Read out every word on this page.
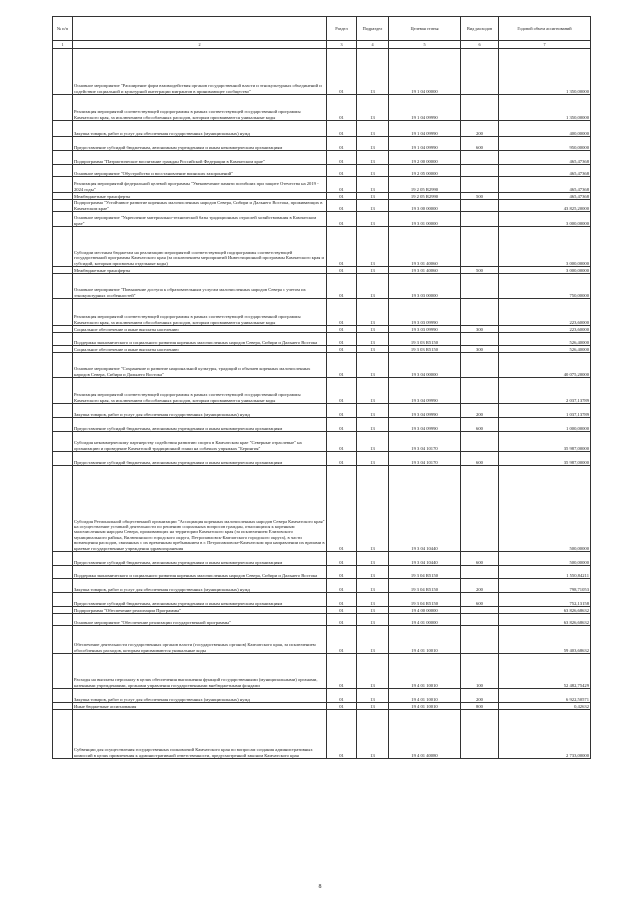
№ п/п		Раздел	Подраздел	Целевая статья	Вид расходов	Годовой объем ассигнований
1	2	3	4	5	6	7
	Основное мероприятие "Расширение форм взаимодействия органов государственной власти и этнокультурных объединений и содействие социальной и культурной интеграции мигрантов в принимающее сообщество"	01	13	19 1 04 00000		1 350,00000
	Реализация мероприятий соответствующей подпрограммы в рамках соответствующей государственной программы Камчатского края, за исключением обособленных расходов, которым присваиваются уникальные коды	01	13	19 1 04 09990		1 350,00000
	Закупка товаров, работ и услуг для обеспечения государственных (муниципальных) нужд	01	13	19 1 04 09990	200	400,00000
	Предоставление субсидий бюджетным, автономным учреждениям и иным некоммерческим организациям	01	13	19 1 04 09990	600	950,00000
	Подпрограмма "Патриотическое воспитание граждан Российской Федерации в Камчатском крае"	01	13	19 2 00 00000		465,47368
	Основное мероприятие "Обустройство и восстановление воинских захоронений"	01	13	19 2 05 00000		465,47368
	Реализация мероприятий федеральной целевой программы "Увековечение памяти погибших при защите Отечества на 2019 - 2024 годы"	01	13	19 2 05 R2990		465,47368
	Межбюджетные трансферты	01	13	19 2 05 R2990	500	465,47368
	Подпрограмма "Устойчивое развитие коренных малочисленных народов Севера, Сибири и Дальнего Востока, проживающих в Камчатском крае"	01	13	19 3 00 00000		43 825,20000
	Основное мероприятие "Укрепление материально-технической базы традиционных отраслей хозяйствования в Камчатском крае"	01	13	19 3 01 00000		3 000,00000
	Субсидии местным бюджетам на реализацию мероприятий соответствующей подпрограммы соответствующей государственной программы Камчатского края (за исключением мероприятий Инвестиционной программы Камчатского края и субсидий, которым присвоены отдельные коды)	01	13	19 3 01 40060		3 000,00000
	Межбюджетные трансферты	01	13	19 3 01 40060	500	3 000,00000
	Основное мероприятие "Повышение доступа к образовательным услугам малочисленных народов Севера с учетом их этнокультурных особенностей"	01	13	19 3 03 00000		750,00000
	Реализация мероприятий соответствующей подпрограммы в рамках соответствующей государственной программы Камчатского края, за исключением обособленных расходов, которым присваиваются уникальные коды	01	13	19 3 03 09990		223,60000
	Социальное обеспечение и иные выплаты населению	01	13	19 3 03 09990	300	223,60000
	Поддержка экономического и социального развития коренных малочисленных народов Севера, Сибири и Дальнего Востока	01	13	19 3 03 R5150		526,40000
	Социальное обеспечение и иные выплаты населению	01	13	19 3 03 R5150	300	526,40000
	Основное мероприятие "Сохранение и развитие национальной культуры, традиций и обычаев коренных малочисленных народов Севера, Сибири и Дальнего Востока"	01	13	19 3 04 00000		40 075,20000
	Реализация мероприятий соответствующей подпрограммы в рамках соответствующей государственной программы Камчатского края, за исключением обособленных расходов, которым присваиваются уникальные коды	01	13	19 3 04 09990		2 037,13789
	Закупка товаров, работ и услуг для обеспечения государственных (муниципальных) нужд	01	13	19 3 04 09990	200	1 037,13789
	Предоставление субсидий бюджетным, автономным учреждениям и иным некоммерческим организациям	01	13	19 3 04 09990	600	1 000,00000
	Субсидия некоммерческому партнерству содействия развитию спорта в Камчатском крае "Северные отраслевые" на организацию и проведение Камчатской традиционной гонки на собачьих упряжках "Берингия"	01	13	19 3 04 10170		35 987,00000
	Предоставление субсидий бюджетным, автономным учреждениям и иным некоммерческим организациям	01	13	19 3 04 10170	600	35 987,00000
	Субсидия Региональной общественной организации "Ассоциация коренных малочисленных народов Севера Камчатского края" на осуществление уставной деятельности по решению социальных вопросов граждан, относящихся к коренным малочисленным народам Севера, проживающих на территории Камчатского края (за исключением Елизовского муниципального района, Вилючинского городского округа, Петропавловск-Камчатского городского округа), в части возмещения расходов, связанных с их временным пребыванием в г. Петропавловске-Камчатском при направлении их врачами в краевые государственные учреждения здравоохранения	01	13	19 3 04 10440		500,00000
	Предоставление субсидий бюджетным, автономным учреждениям и иным некоммерческим организациям	01	13	19 3 04 10440	600	500,00000
	Поддержка экономического и социального развития коренных малочисленных народов Севера, Сибири и Дальнего Востока	01	13	19 3 04 R5150		1 550,84211
	Закупка товаров, работ и услуг для обеспечения государственных (муниципальных) нужд	01	13	19 3 04 R5150	200	798,71053
	Предоставление субсидий бюджетным, автономным учреждениям и иным некоммерческим организациям	01	13	19 3 04 R5150	600	752,13158
	Подпрограмма "Обеспечение реализации Программы"	01	13	19 4 00 00000		63 826,68632
	Основное мероприятие "Обеспечение реализации государственной программы"	01	13	19 4 01 00000		63 826,68632
	Обеспечение деятельности государственных органов власти (государственных органов) Камчатского края, за исключением обособленных расходов, которым присваиваются уникальные коды	01	13	19 4 01 10010		59 403,68632
	Расходы на выплаты персоналу в целях обеспечения выполнения функций государственными (муниципальными) органами, казенными учреждениями, органами управления государственными внебюджетными фондами	01	13	19 4 01 10010	100	52 482,75429
	Закупка товаров, работ и услуг для обеспечения государственных (муниципальных) нужд	01	13	19 4 01 10010	200	6 922,50571
	Иные бюджетные ассигнования	01	13	19 4 01 10010	800	0,42632
	Субвенции для осуществления государственных полномочий Камчатского края по вопросам создания административных комиссий в целях привлечения к административной ответственности, предусмотренной законом Камчатского края	01	13	19 4 01 40080		2 733,00000
8
